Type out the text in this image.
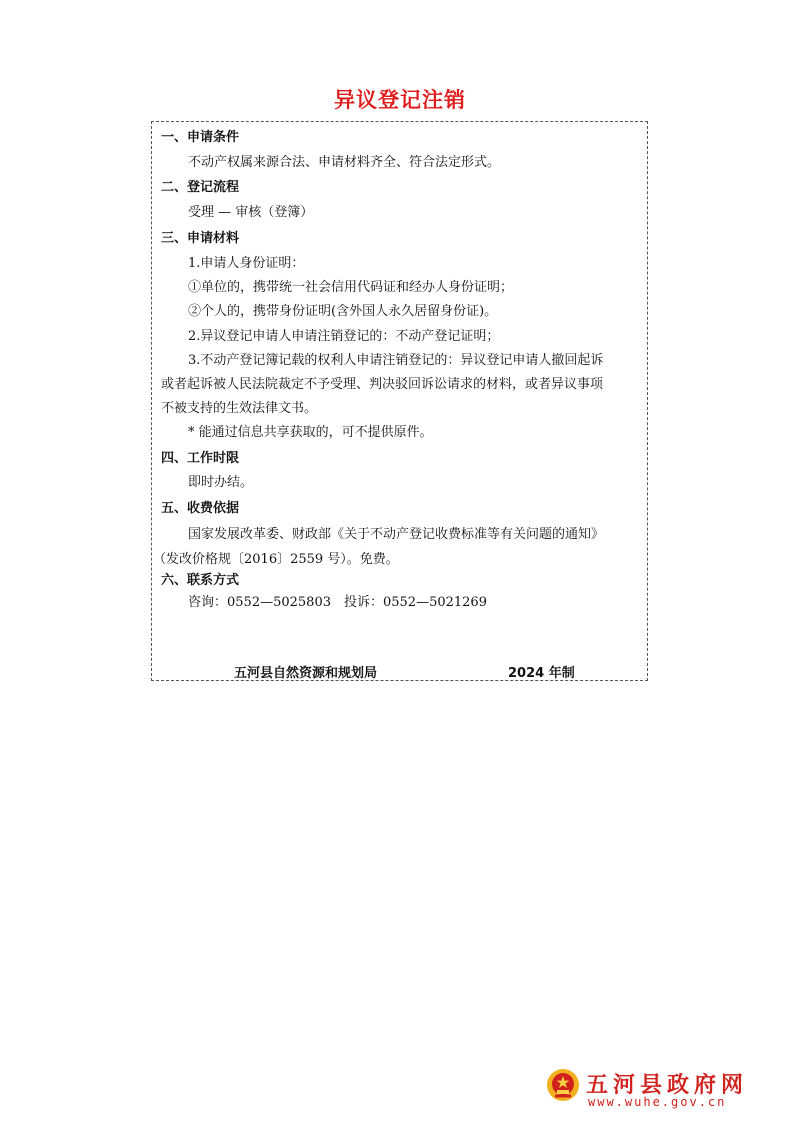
异议登记注销
一、申请条件
不动产权属来源合法、申请材料齐全、符合法定形式。
二、登记流程
受理 — 审核（登簿）
三、申请材料
1.申请人身份证明：
①单位的，携带统一社会信用代码证和经办人身份证明；
②个人的，携带身份证明(含外国人永久居留身份证)。
2.异议登记申请人申请注销登记的：不动产登记证明；
3.不动产登记簿记载的权利人申请注销登记的：异议登记申请人撤回起诉
或者起诉被人民法院裁定不予受理、判决驳回诉讼请求的材料，或者异议事项
不被支持的生效法律文书。
* 能通过信息共享获取的，可不提供原件。
四、工作时限
即时办结。
五、收费依据
国家发展改革委、财政部《关于不动产登记收费标准等有关问题的通知》
（发改价格规〔2016〕2559 号）。免费。
六、联系方式
咨询：0552—5025803　投诉：0552—5021269
五河县自然资源和规划局	2024 年制
五河县政府网
www.wuhe.gov.cn
